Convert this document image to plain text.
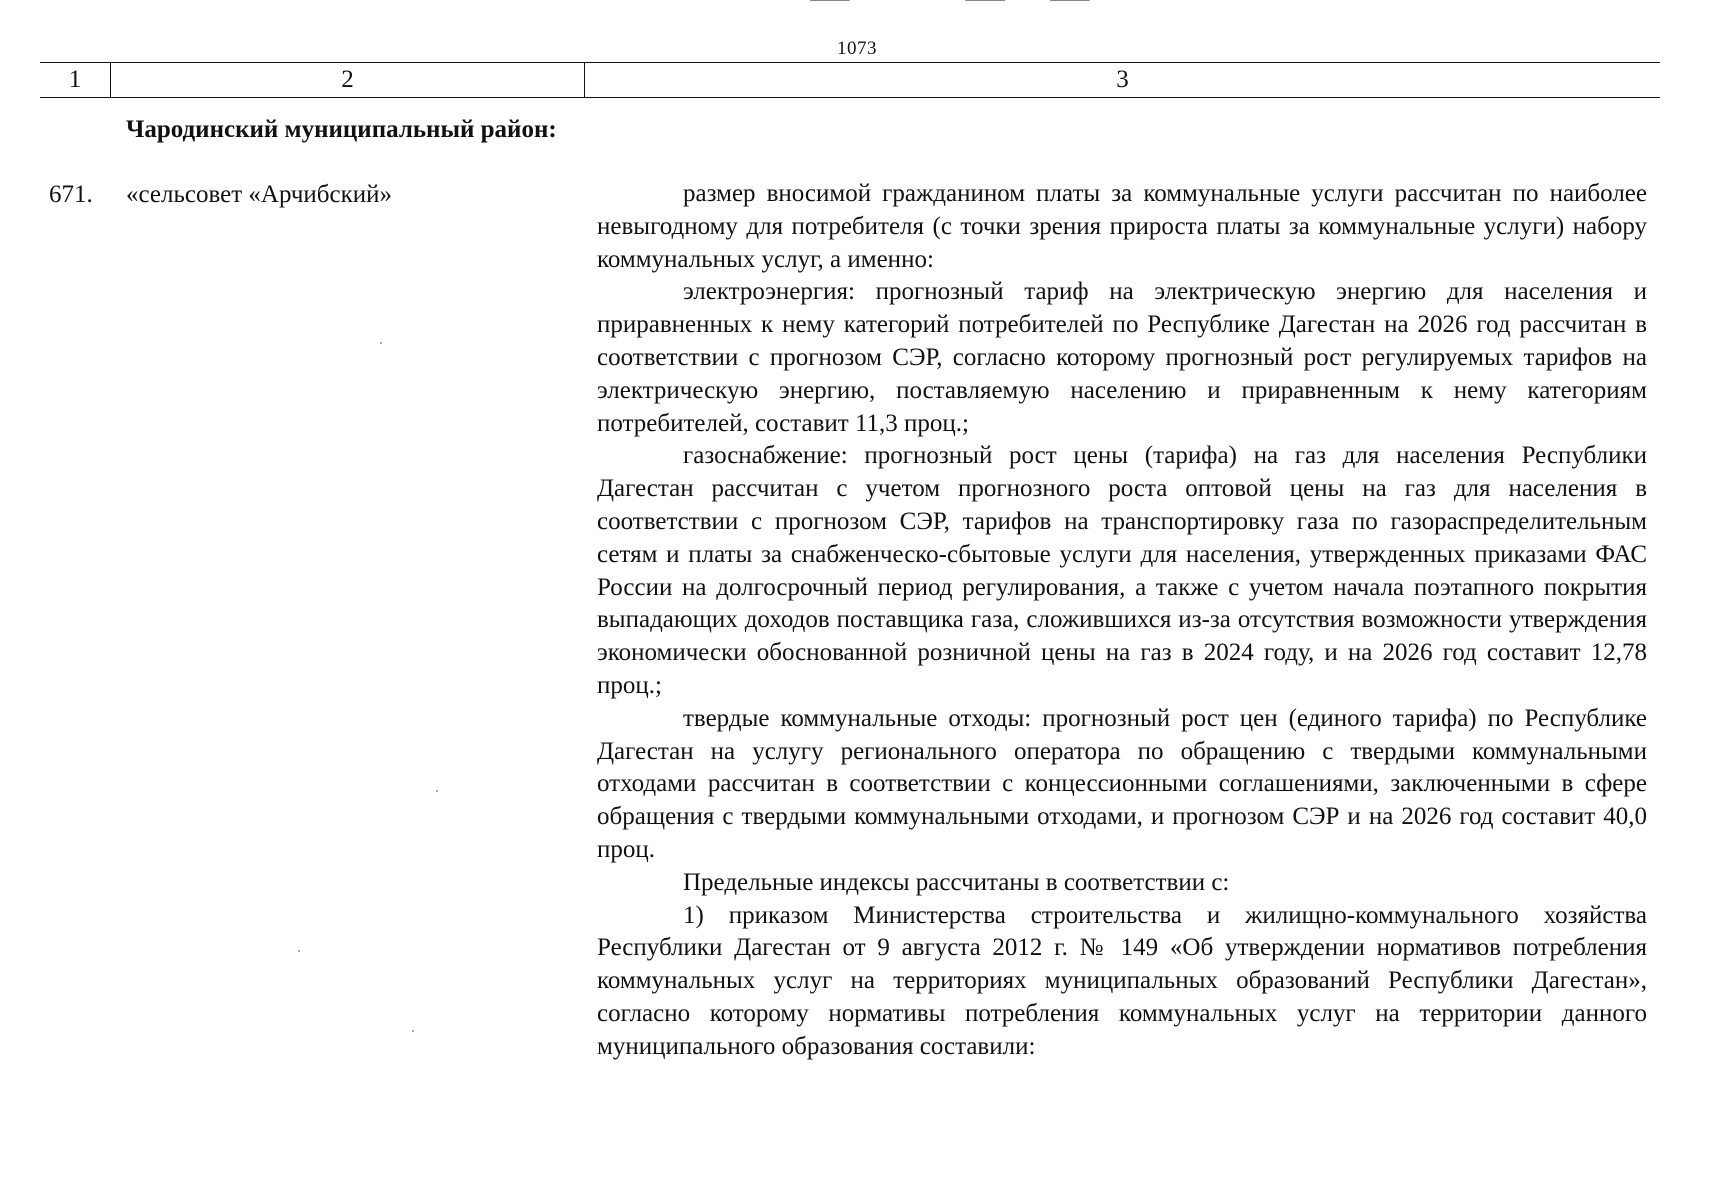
1073
1	2	3
Чародинский муниципальный район:
671. «сельсовет «Арчибский»	размер вносимой гражданином платы за коммунальные услуги рассчитан по наиболее невыгодному для потребителя (с точки зрения прироста платы за коммунальные услуги) набору коммунальных услуг, а именно:

электроэнергия: прогнозный тариф на электрическую энергию для населения и приравненных к нему категорий потребителей по Республике Дагестан на 2026 год рассчитан в соответствии с прогнозом СЭР, согласно которому прогнозный рост регулируемых тарифов на электрическую энергию, поставляемую населению и приравненным к нему категориям потребителей, составит 11,3 проц.;

газоснабжение: прогнозный рост цены (тарифа) на газ для населения Республики Дагестан рассчитан с учетом прогнозного роста оптовой цены на газ для населения в соответствии с прогнозом СЭР, тарифов на транспортировку газа по газораспределительным сетям и платы за снабженческо-сбытовые услуги для населения, утвержденных приказами ФАС России на долгосрочный период регулирования, а также с учетом начала поэтапного покрытия выпадающих доходов поставщика газа, сложившихся из-за отсутствия возможности утверждения экономически обоснованной розничной цены на газ в 2024 году, и на 2026 год составит 12,78 проц.;

твердые коммунальные отходы: прогнозный рост цен (единого тарифа) по Республике Дагестан на услугу регионального оператора по обращению с твердыми коммунальными отходами рассчитан в соответствии с концессионными соглашениями, заключенными в сфере обращения с твердыми коммунальными отходами, и прогнозом СЭР и на 2026 год составит 40,0 проц.

Предельные индексы рассчитаны в соответствии с:

1) приказом Министерства строительства и жилищно-коммунального хозяйства Республики Дагестан от 9 августа 2012 г. № 149 «Об утверждении нормативов потребления коммунальных услуг на территориях муниципальных образований Республики Дагестан», согласно которому нормативы потребления коммунальных услуг на территории данного муниципального образования составили:
